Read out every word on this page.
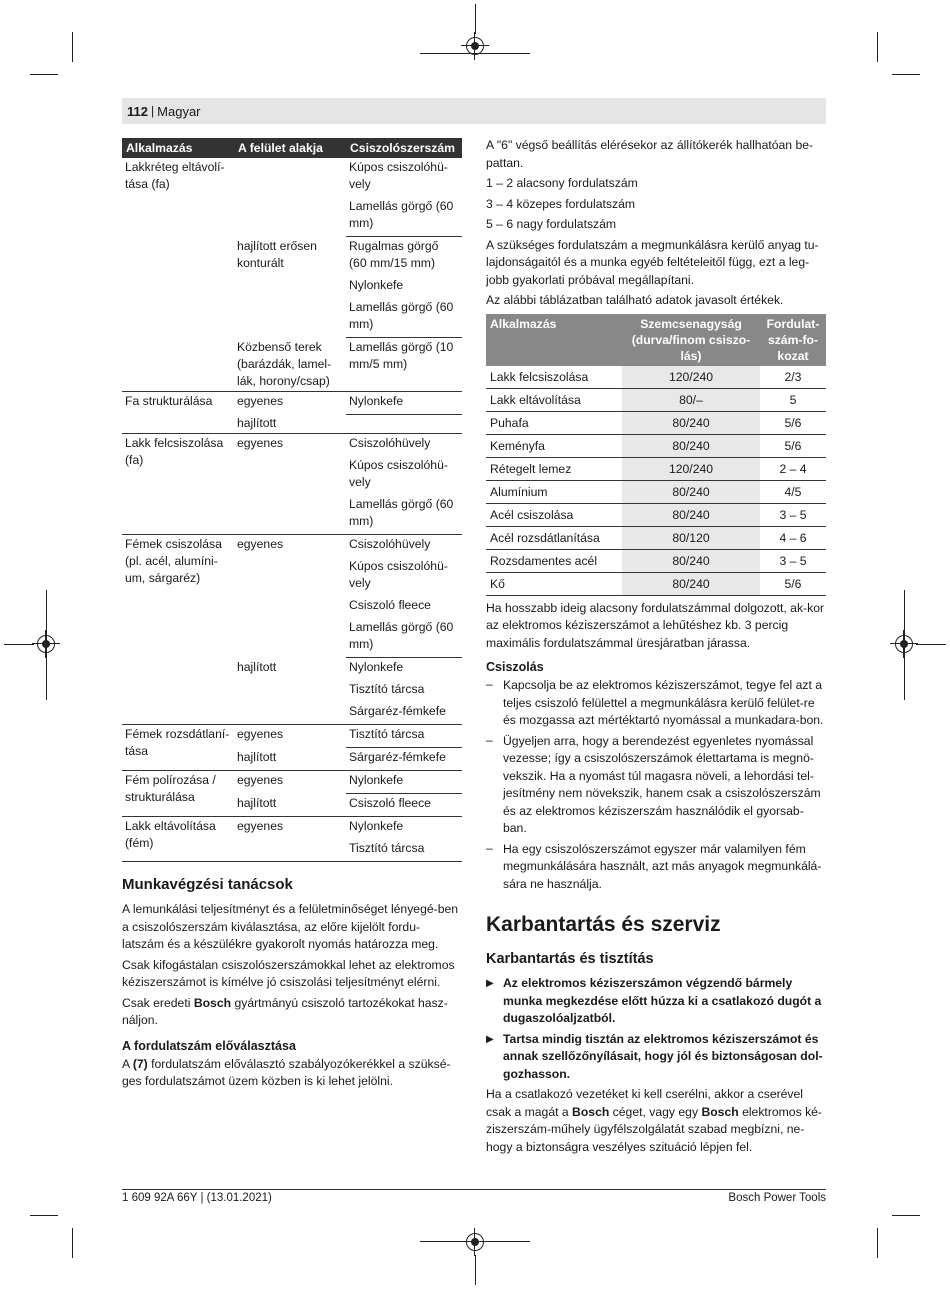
112 | Magyar
Alkalmazás	A felület alakja	Csiszolószerszám
Lakkréteg eltávolí-tása (fa)		Kúpos csiszolóhü-vely
		Lamellás görgő (60 mm)
	hajlított erősen konturált	Rugalmas görgő (60 mm/15 mm)
		Nylonkefe
		Lamellás görgő (60 mm)
	Közbenső terek (barázdák, lamel-lák, horony/csap)	Lamellás görgő (10 mm/5 mm)
Fa strukturálása	egyenes	Nylonkefe
	hajlított	
Lakk felcsiszolása (fa)	egyenes	Csiszolóhüvely
		Kúpos csiszolóhü-vely
		Lamellás görgő (60 mm)
Fémek csiszolása (pl. acél, alumíni-um, sárgaréz)	egyenes	Csiszolóhüvely
		Kúpos csiszolóhü-vely
		Csiszoló fleece
		Lamellás görgő (60 mm)
	hajlított	Nylonkefe
		Tisztító tárcsa
		Sárgaréz-fémkefe
Fémek rozsdátlaní-tása	egyenes	Tisztító tárcsa
	hajlított	Sárgaréz-fémkefe
Fém polírozása / strukturálása	egyenes	Nylonkefe
	hajlított	Csiszoló fleece
Lakk eltávolítása (fém)	egyenes	Nylonkefe
		Tisztító tárcsa
Munkavégzési tanácsok

A lemunkálási teljesítményt és a felületminőséget lényegé-ben a csiszolószerszám kiválasztása, az előre kijelölt fordu-latszám és a készülékre gyakorolt nyomás határozza meg.

Csak kifogástalan csiszolószerszámokkal lehet az elektromos kéziszerszámot is kímélve jó csiszolási teljesítményt elérni.

Csak eredeti Bosch gyártmányú csiszoló tartozékokat hasz-náljon.

A fordulatszám előválasztása

A (7) fordulatszám előválasztó szabályozókerékkel a szüksé-ges fordulatszámot üzem közben is ki lehet jelölni.

A "6" végső beállítás elérésekor az állítókerék hallhatóan be-pattan.

1 – 2 alacsony fordulatszám

3 – 4 közepes fordulatszám

5 – 6 nagy fordulatszám

A szükséges fordulatszám a megmunkálásra kerülő anyag tu-lajdonságaitól és a munka egyéb feltételeitől függ, ezt a leg-jobb gyakorlati próbával megállapítani.

Az alábbi táblázatban található adatok javasolt értékek.

Alkalmazás	Szemcsenagyság (durva/finom csiszo-lás)	Fordulat-szám-fo-kozat
Lakk felcsiszolása	120/240	2/3
Lakk eltávolítása	80/–	5
Puhafa	80/240	5/6
Keményfa	80/240	5/6
Rétegelt lemez	120/240	2 – 4
Alumínium	80/240	4/5
Acél csiszolása	80/240	3 – 5
Acél rozsdátlanítása	80/120	4 – 6
Rozsdamentes acél	80/240	3 – 5
Kő	80/240	5/6

Ha hosszabb ideig alacsony fordulatszámmal dolgozott, ak-kor az elektromos kéziszerszámot a lehűtéshez kb. 3 percig maximális fordulatszámmal üresjáratban járassa.

Csiszolás
– Kapcsolja be az elektromos kéziszerszámot, tegye fel azt a teljes csiszoló felülettel a megmunkálásra kerülő felület-re és mozgassa azt mértéktartó nyomással a munkadara-bon.

– Ügyeljen arra, hogy a berendezést egyenletes nyomással vezesse; így a csiszolószerszámok élettartama is megnö-vekszik. Ha a nyomást túl magasra növeli, a lehordási tel-jesítmény nem növekszik, hanem csak a csiszolószerszám és az elektromos kéziszerszám használódik el gyorsab-ban.

– Ha egy csiszolószerszámot egyszer már valamilyen fém megmunkálására használt, azt más anyagok megmunkálá-sára ne használja.

Karbantartás és szerviz
Karbantartás és tisztítás
▶ Az elektromos kéziszerszámon végzendő bármely munka megkezdése előtt húzza ki a csatlakozó dugót a dugaszolóaljzatból.

▶ Tartsa mindig tisztán az elektromos kéziszerszámot és annak szellőzőnyílásait, hogy jól és biztonságosan dol-gozhasson.

Ha a csatlakozó vezetéket ki kell cserélni, akkor a cserével csak a magát a Bosch céget, vagy egy Bosch elektromos ké-ziszerszám-műhely ügyfélszolgálatát szabad megbízni, ne-hogy a biztonságra veszélyes szituáció lépjen fel.

1 609 92A 66Y | (13.01.2021)	Bosch Power Tools
